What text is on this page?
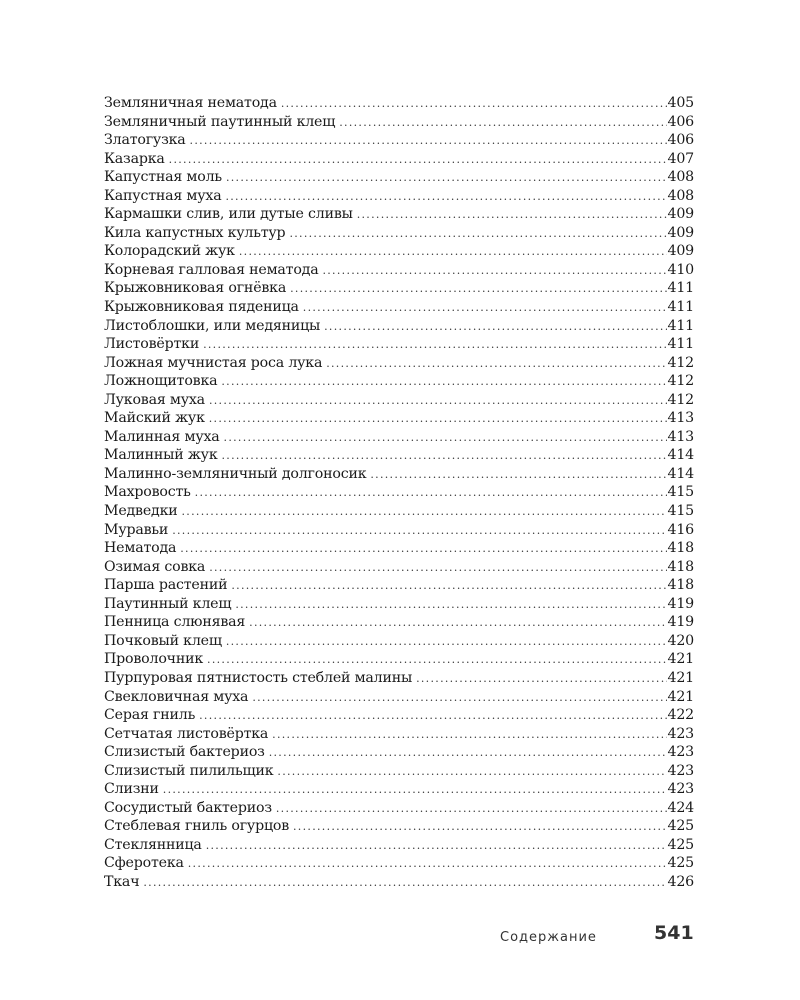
Земляничная нематода .....	405
Земляничный паутинный клещ .....	406
Златогузка .....	406
Казарка .....	407
Капустная моль .....	408
Капустная муха .....	408
Кармашки слив, или дутые сливы .....	409
Кила капустных культур .....	409
Колорадский жук .....	409
Корневая галловая нематода .....	410
Крыжовниковая огнёвка .....	411
Крыжовниковая пяденица .....	411
Листоблошки, или медяницы .....	411
Листовёртки .....	411
Ложная мучнистая роса лука .....	412
Ложнощитовка .....	412
Луковая муха .....	412
Майский жук .....	413
Малинная муха .....	413
Малинный жук .....	414
Малинно-земляничный долгоносик .....	414
Махровость .....	415
Медведки .....	415
Муравьи .....	416
Нематода .....	418
Озимая совка .....	418
Парша растений .....	418
Паутинный клещ .....	419
Пенница слюнявая .....	419
Почковый клещ .....	420
Проволочник .....	421
Пурпуровая пятнистость стеблей малины .....	421
Свекловичная муха .....	421
Серая гниль .....	422
Сетчатая листовёртка .....	423
Слизистый бактериоз .....	423
Слизистый пилильщик .....	423
Слизни .....	423
Сосудистый бактериоз .....	424
Стеблевая гниль огурцов .....	425
Стеклянница .....	425
Сферотека .....	425
Ткач .....	426
Содержание	541
